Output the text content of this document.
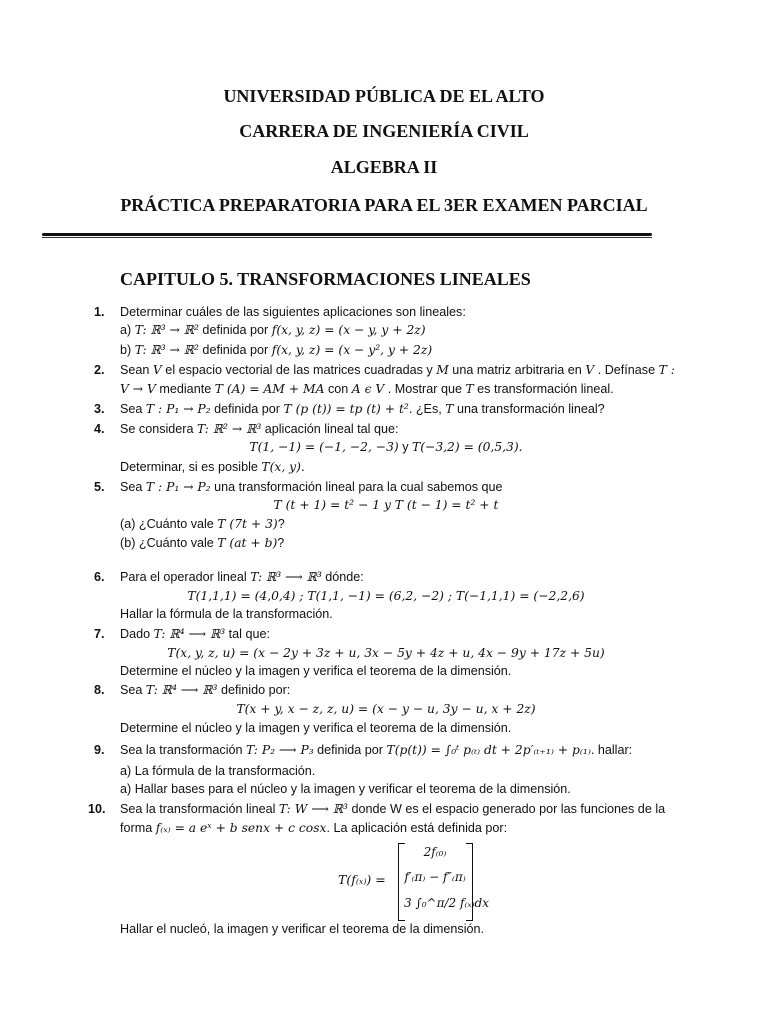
UNIVERSIDAD PÚBLICA DE EL ALTO
CARRERA DE INGENIERÍA CIVIL
ALGEBRA II
PRÁCTICA PREPARATORIA PARA EL 3ER EXAMEN PARCIAL
CAPITULO 5. TRANSFORMACIONES LINEALES
1.
2.
3.
4.
5.
6.
7.
8.
9.
10.
Determinar cuáles de las siguientes aplicaciones son lineales:
a) T: ℝ³ → ℝ² definida por f(x, y, z) = (x − y, y + 2z)
b) T: ℝ³ → ℝ² definida por f(x, y, z) = (x − y², y + 2z)
Sean V el espacio vectorial de las matrices cuadradas y M una matriz arbitraria en V . Defínase T :
V → V mediante T (A) = AM + MA con A ϵ V . Mostrar que T es transformación lineal.
Sea T : P₁ → P₂ definida por T (p (t)) = tp (t) + t². ¿Es, T una transformación lineal?
Se considera T: ℝ² → ℝ³ aplicación lineal tal que:
T(1, −1) = (−1, −2, −3) y T(−3,2) = (0,5,3).
Determinar, si es posible T(x, y).
Sea T : P₁ → P₂ una transformación lineal para la cual sabemos que
T (t + 1) = t² − 1 y T (t − 1) = t² + t
(a) ¿Cuánto vale T (7t + 3)?
(b) ¿Cuánto vale T (at + b)?
Para el operador lineal T: ℝ³ ⟶ ℝ³ dónde:
T(1,1,1) = (4,0,4) ; T(1,1, −1) = (6,2, −2) ; T(−1,1,1) = (−2,2,6)
Hallar la fórmula de la transformación.
Dado T: ℝ⁴ ⟶ ℝ³ tal que:
T(x, y, z, u) = (x − 2y + 3z + u, 3x − 5y + 4z + u, 4x − 9y + 17z + 5u)
Determine el núcleo y la imagen y verifica el teorema de la dimensión.
Sea T: ℝ⁴ ⟶ ℝ³ definido por:
T(x + y, x − z, z, u) = (x − y − u, 3y − u, x + 2z)
Determine el núcleo y la imagen y verifica el teorema de la dimensión.
Sea la transformación T: P₂ ⟶ P₃ definida por T(p(t)) = ∫₀ᵗ p₍ₜ₎ dt + 2p′₍ₜ₊₁₎ + p₍₁₎. hallar:
a) La fórmula de la transformación.
a) Hallar bases para el núcleo y la imagen y verificar el teorema de la dimensión.
Sea la transformación lineal T: W ⟶ ℝ³ donde W es el espacio generado por las funciones de la
forma f₍ₓ₎ = a eˣ + b senx + c cosx. La aplicación está definida por:
Hallar el nucleó, la imagen y verificar el teorema de la dimensión.
T(f₍ₓ₎) =
2f₍₀₎
f′₍π₎ − f″₍π₎
3 ∫₀^π/2 f₍ₓ₎dx
